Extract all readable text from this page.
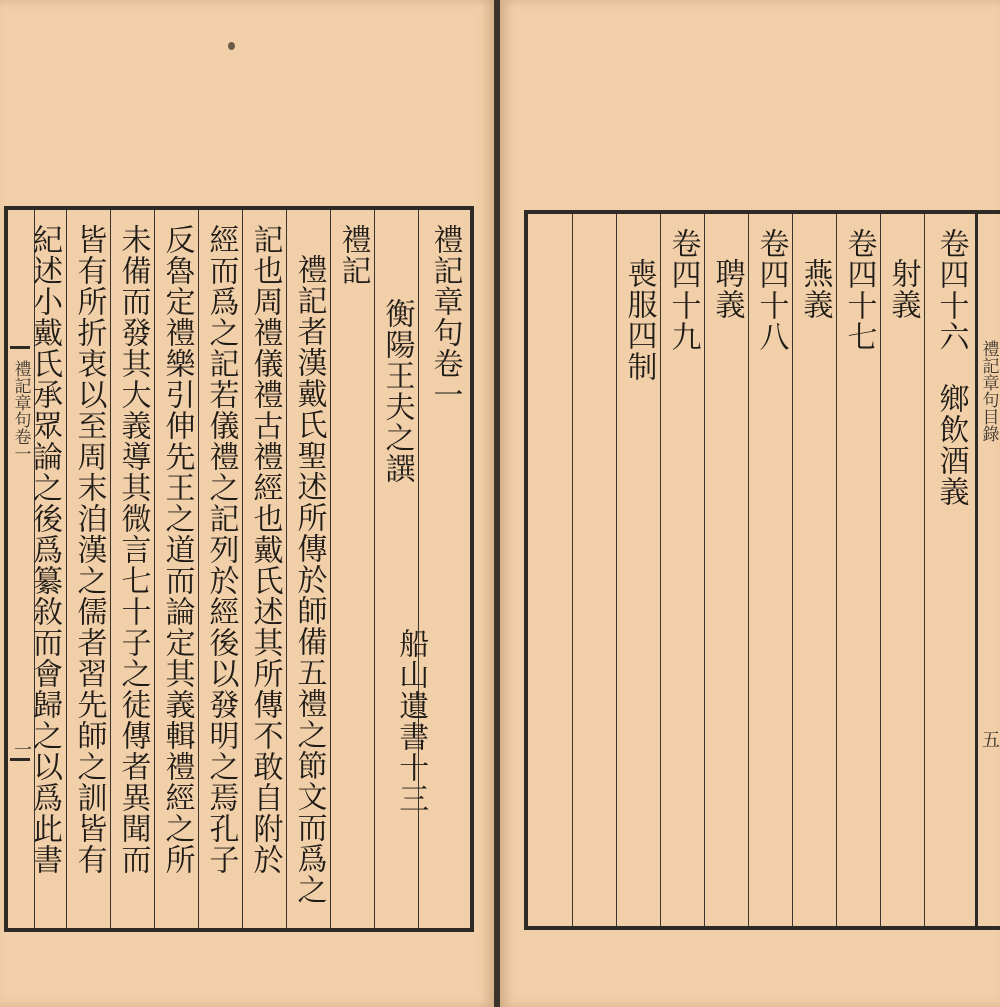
禮記章句卷一
一
禮記章句卷一
衡陽王夫之譔
船山遺書十三
禮記
禮記者漢戴氏聖述所傳於師備五禮之節文而爲之
記也周禮儀禮古禮經也戴氏述其所傳不敢自附於
經而爲之記若儀禮之記列於經後以發明之焉孔子
反魯定禮樂引伸先王之道而論定其義輯禮經之所
未備而發其大義導其微言七十子之徒傳者異聞而
皆有所折衷以至周末洎漢之儒者習先師之訓皆有
紀述小戴氏承眾論之後爲纂敘而會歸之以爲此書	卷四十六　鄉飲酒義
射義
卷四十七
燕義
卷四十八
聘義
卷四十九
喪服四制
禮記章句目錄
五
